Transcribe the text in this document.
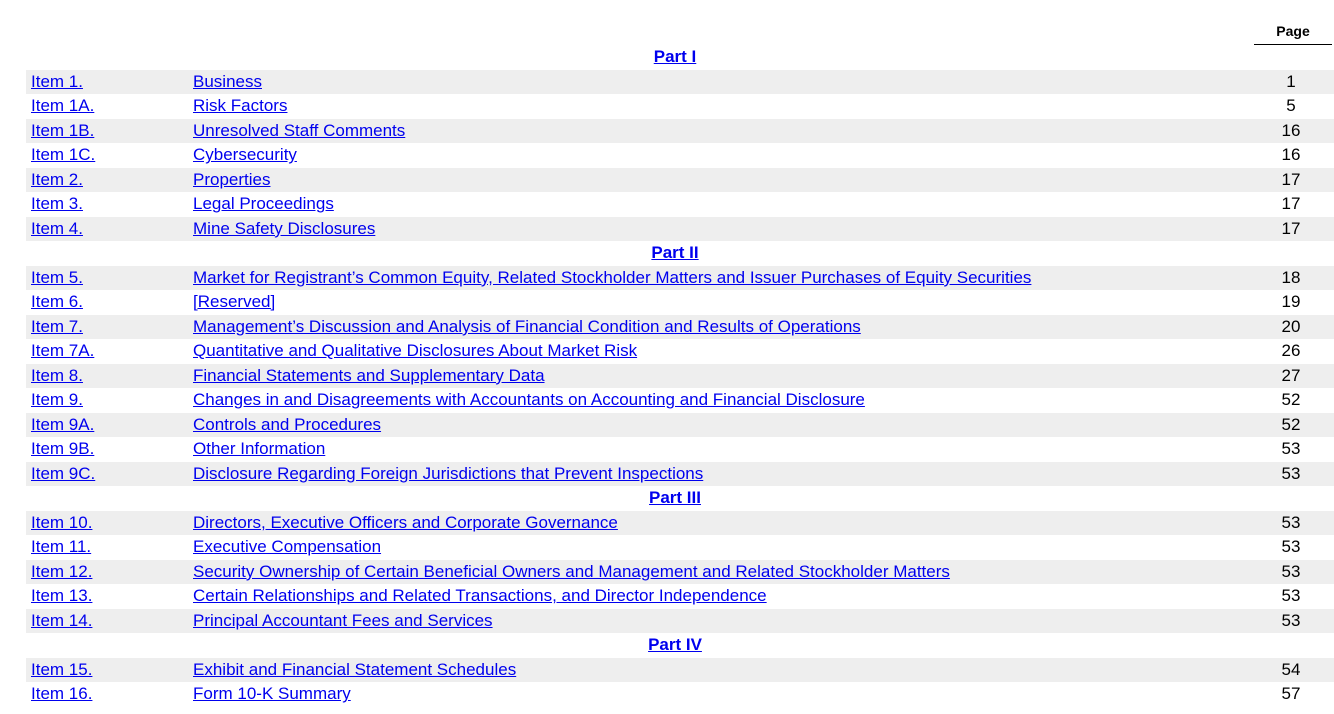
Page
Part I
Item 1.	Business	1
Item 1A.	Risk Factors	5
Item 1B.	Unresolved Staff Comments	16
Item 1C.	Cybersecurity	16
Item 2.	Properties	17
Item 3.	Legal Proceedings	17
Item 4.	Mine Safety Disclosures	17
Part II
Item 5.	Market for Registrant’s Common Equity, Related Stockholder Matters and Issuer Purchases of Equity Securities	18
Item 6.	[Reserved]	19
Item 7.	Management’s Discussion and Analysis of Financial Condition and Results of Operations	20
Item 7A.	Quantitative and Qualitative Disclosures About Market Risk	26
Item 8.	Financial Statements and Supplementary Data	27
Item 9.	Changes in and Disagreements with Accountants on Accounting and Financial Disclosure	52
Item 9A.	Controls and Procedures	52
Item 9B.	Other Information	53
Item 9C.	Disclosure Regarding Foreign Jurisdictions that Prevent Inspections	53
Part III
Item 10.	Directors, Executive Officers and Corporate Governance	53
Item 11.	Executive Compensation	53
Item 12.	Security Ownership of Certain Beneficial Owners and Management and Related Stockholder Matters	53
Item 13.	Certain Relationships and Related Transactions, and Director Independence	53
Item 14.	Principal Accountant Fees and Services	53
Part IV
Item 15.	Exhibit and Financial Statement Schedules	54
Item 16.	Form 10-K Summary	57
